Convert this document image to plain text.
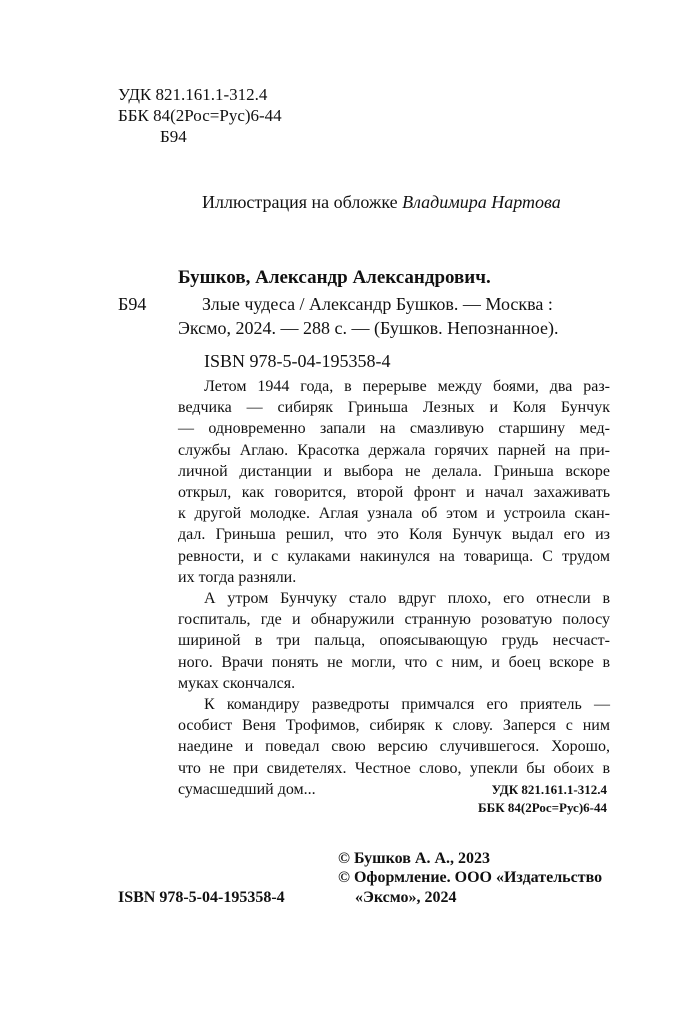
УДК 821.161.1-312.4
ББК 84(2Рос=Рус)6-44
Б94
Иллюстрация на обложке Владимира Нартова
Бушков, Александр Александрович.
Б94	Злые чудеса / Александр Бушков. — Москва :
Эксмо, 2024. — 288 с. — (Бушков. Непознанное).
ISBN 978-5-04-195358-4
Летом 1944 года, в перерыве между боями, два раз-
ведчика — сибиряк Гриньша Лезных и Коля Бунчук
— одновременно запали на смазливую старшину мед-
службы Аглаю. Красотка держала горячих парней на при-
личной дистанции и выбора не делала. Гриньша вскоре
открыл, как говорится, второй фронт и начал захаживать
к другой молодке. Аглая узнала об этом и устроила скан-
дал. Гриньша решил, что это Коля Бунчук выдал его из
ревности, и с кулаками накинулся на товарища. С трудом
их тогда разняли.
А утром Бунчуку стало вдруг плохо, его отнесли в
госпиталь, где и обнаружили странную розоватую полосу
шириной в три пальца, опоясывающую грудь несчаст-
ного. Врачи понять не могли, что с ним, и боец вскоре в
муках скончался.
К командиру разведроты примчался его приятель —
особист Веня Трофимов, сибиряк к слову. Заперся с ним
наедине и поведал свою версию случившегося. Хорошо,
что не при свидетелях. Честное слово, упекли бы обоих в
сумасшедший дом...	УДК 821.161.1-312.4
ББК 84(2Рос=Рус)6-44
ISBN 978-5-04-195358-4
© Бушков А. А., 2023
© Оформление. ООО «Издательство
«Эксмо», 2024
